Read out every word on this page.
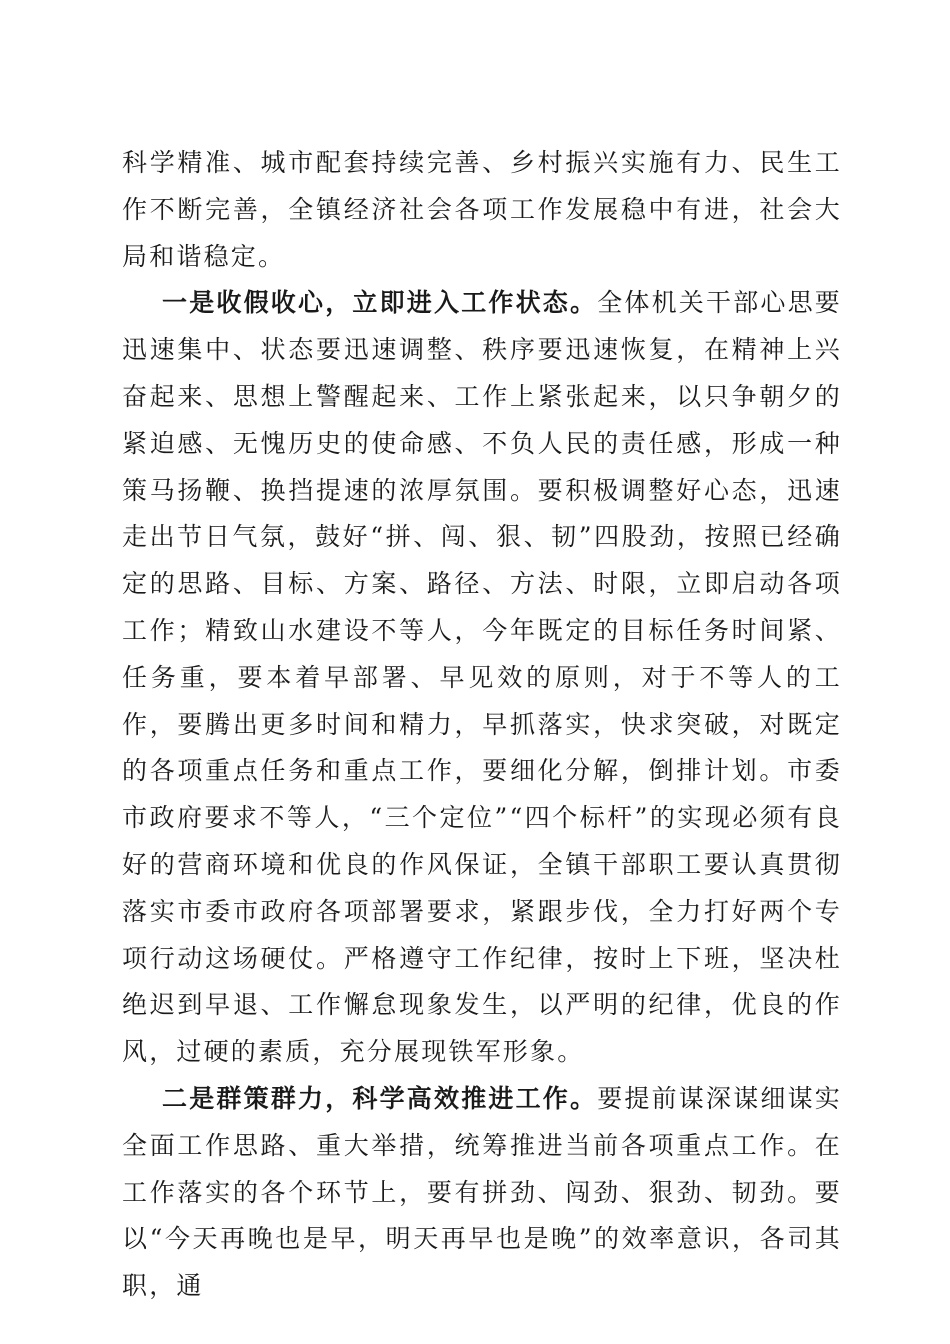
科学精准、城市配套持续完善、乡村振兴实施有力、民生工作不断完善，全镇经济社会各项工作发展稳中有进，社会大局和谐稳定。

一是收假收心，立即进入工作状态。全体机关干部心思要迅速集中、状态要迅速调整、秩序要迅速恢复，在精神上兴奋起来、思想上警醒起来、工作上紧张起来，以只争朝夕的紧迫感、无愧历史的使命感、不负人民的责任感，形成一种策马扬鞭、换挡提速的浓厚氛围。要积极调整好心态，迅速走出节日气氛，鼓好“拼、闯、狠、韧”四股劲，按照已经确定的思路、目标、方案、路径、方法、时限，立即启动各项工作；精致山水建设不等人，今年既定的目标任务时间紧、任务重，要本着早部署、早见效的原则，对于不等人的工作，要腾出更多时间和精力，早抓落实，快求突破，对既定的各项重点任务和重点工作，要细化分解，倒排计划。市委市政府要求不等人，“三个定位”“四个标杆”的实现必须有良好的营商环境和优良的作风保证，全镇干部职工要认真贯彻落实市委市政府各项部署要求，紧跟步伐，全力打好两个专项行动这场硬仗。严格遵守工作纪律，按时上下班，坚决杜绝迟到早退、工作懈怠现象发生，以严明的纪律，优良的作风，过硬的素质，充分展现铁军形象。

二是群策群力，科学高效推进工作。要提前谋深谋细谋实全面工作思路、重大举措，统筹推进当前各项重点工作。在工作落实的各个环节上，要有拼劲、闯劲、狠劲、韧劲。要以“今天再晚也是早，明天再早也是晚”的效率意识，各司其职，通
